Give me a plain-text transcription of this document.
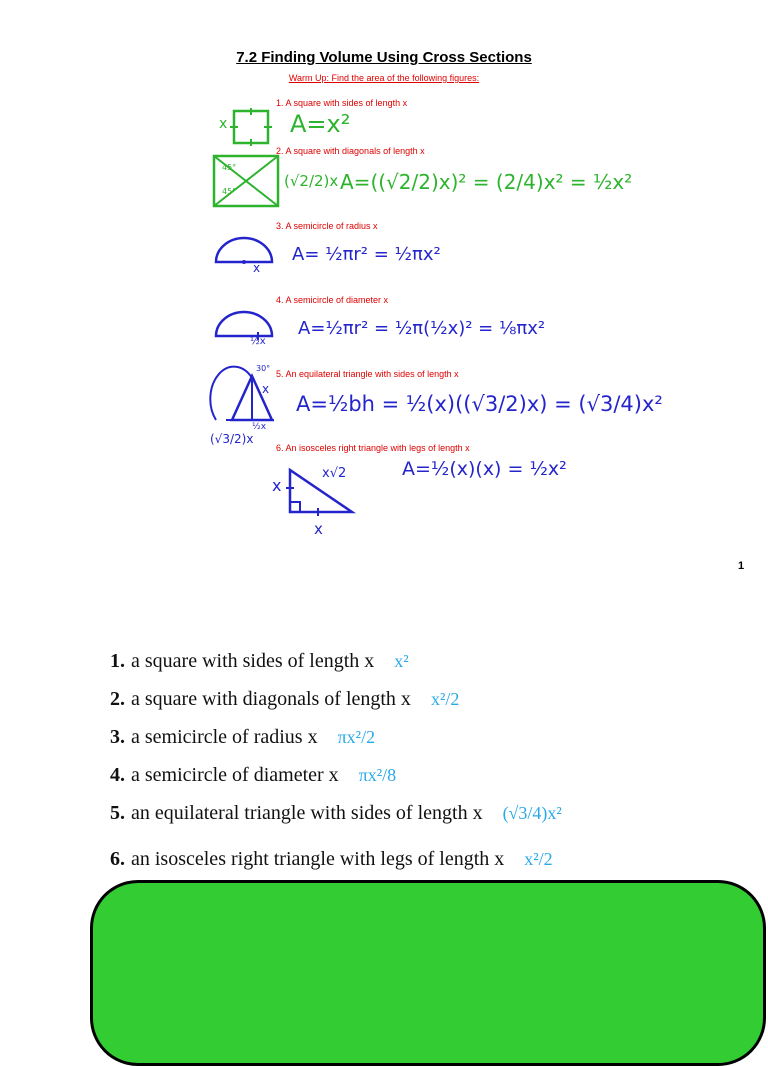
7.2 Finding Volume Using Cross Sections
Warm Up: Find the area of the following figures:
1. A square with sides of length x
2. A square with diagonals of length x
3. A semicircle of radius x
4. A semicircle of diameter x
5. An equilateral triangle with sides of length x
6. An isosceles right triangle with legs of length x
x	A=x²
45°
45°
(√2/2)x A=((√2/2)x)² = (2/4)x² = ½x²
x
A= ½πr² = ½πx²
½x
A=½πr² = ½π(½x)² = ⅛πx²
30°
x
½x
(√3/2)x
A=½bh = ½(x)((√3/2)x) = (√3/4)x²
x
x√2
x
A=½(x)(x) = ½x²
1
1. a square with sides of length x x²
2. a square with diagonals of length x x²/2
3. a semicircle of radius x πx²/2
4. a semicircle of diameter x πx²/8
5. an equilateral triangle with sides of length x (√3/4)x²
6. an isosceles right triangle with legs of length x x²/2
